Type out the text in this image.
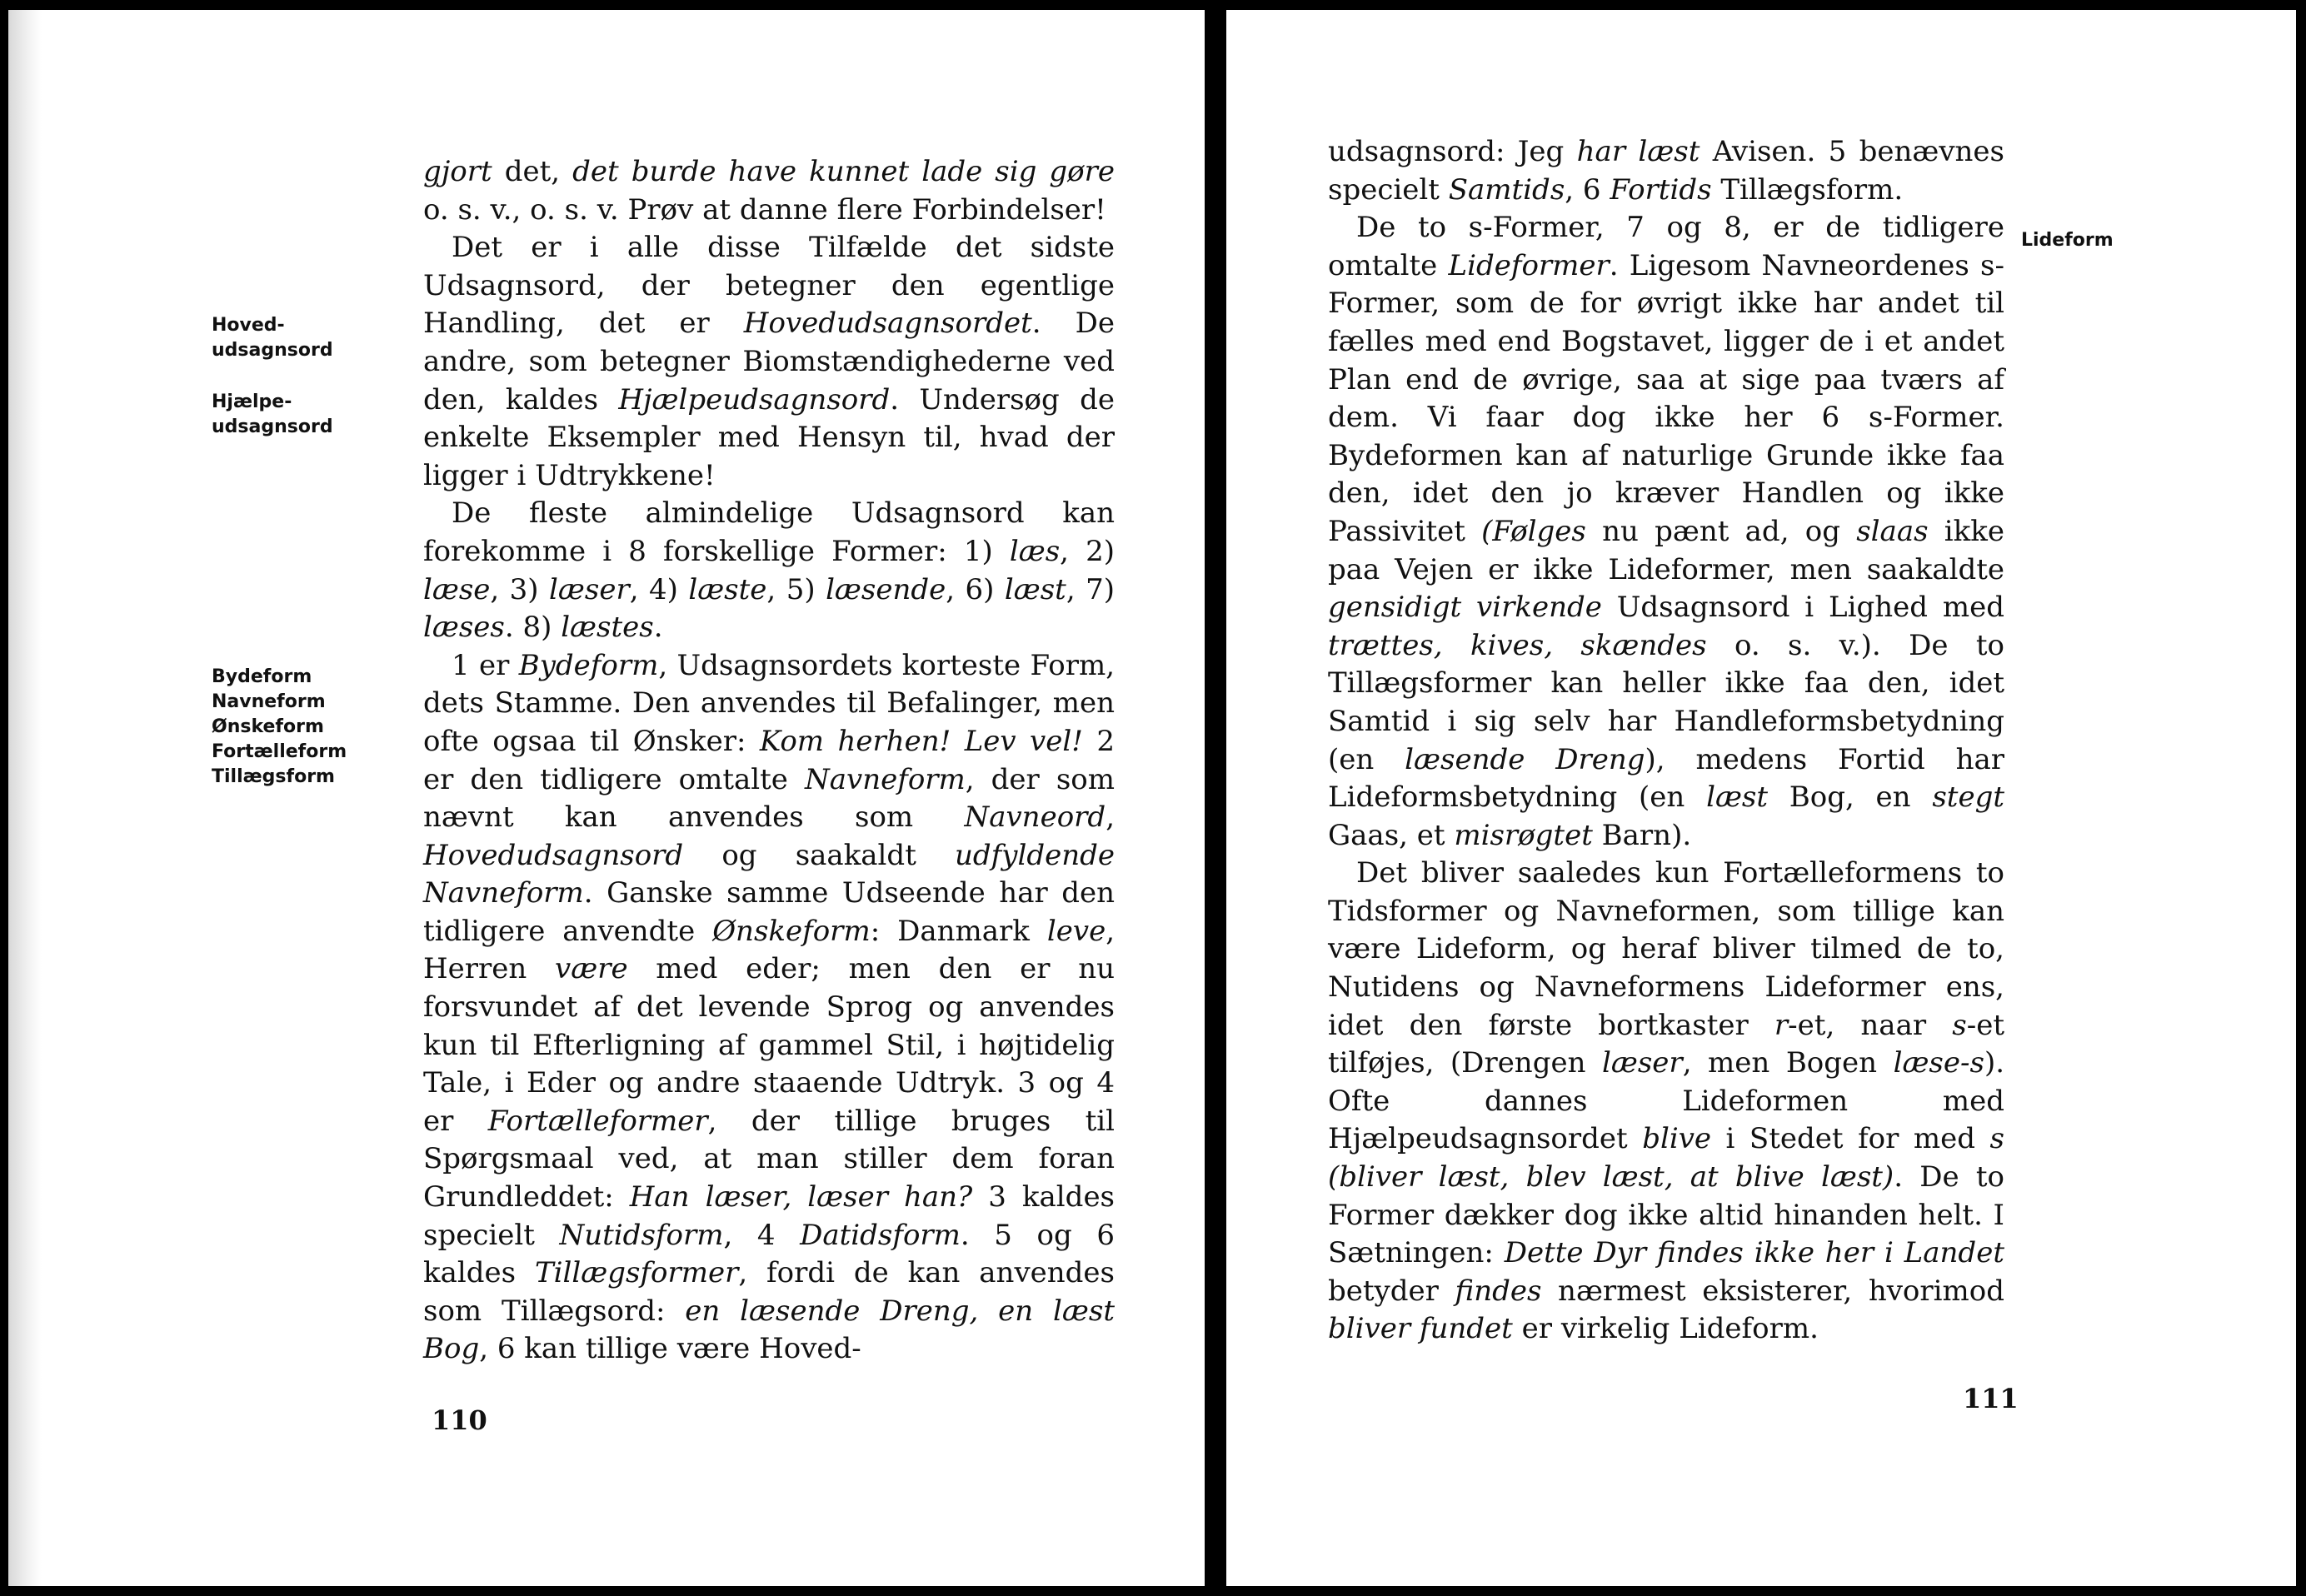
Hoved-
udsagnsord
Hjælpe-
udsagnsord
Bydeform
Navneform
Ønskeform
Fortælleform
Tillægsform

gjort det, det burde have kunnet lade sig gøre o. s. v., o. s. v. Prøv at danne flere Forbindelser!

Det er i alle disse Tilfælde det sidste Udsagnsord, der betegner den egentlige Handling, det er Hovedudsagnsordet. De andre, som betegner Biomstændighederne ved den, kaldes Hjælpeudsagnsord. Undersøg de enkelte Eksempler med Hensyn til, hvad der ligger i Udtrykkene!

De fleste almindelige Udsagnsord kan forekomme i 8 forskellige Former: 1) læs, 2) læse, 3) læser, 4) læste, 5) læsende, 6) læst, 7) læses. 8) læstes.

1 er Bydeform, Udsagnsordets korteste Form, dets Stamme. Den anvendes til Befalinger, men ofte ogsaa til Ønsker: Kom herhen! Lev vel! 2 er den tidligere omtalte Navneform, der som nævnt kan anvendes som Navneord, Hovedudsagnsord og saakaldt udfyldende Navneform. Ganske samme Udseende har den tidligere anvendte Ønskeform: Danmark leve, Herren være med eder; men den er nu forsvundet af det levende Sprog og anvendes kun til Efterligning af gammel Stil, i højtidelig Tale, i Eder og andre staaende Udtryk. 3 og 4 er Fortælleformer, der tillige bruges til Spørgsmaal ved, at man stiller dem foran Grundleddet: Han læser, læser han? 3 kaldes specielt Nutidsform, 4 Datidsform. 5 og 6 kaldes Tillægsformer, fordi de kan anvendes som Tillægsord: en læsende Dreng, en læst Bog, 6 kan tillige være Hoved-

110
Lideform

udsagnsord: Jeg har læst Avisen. 5 benævnes specielt Samtids, 6 Fortids Tillægsform.

De to s-Former, 7 og 8, er de tidligere omtalte Lideformer. Ligesom Navneordenes s-Former, som de for øvrigt ikke har andet til fælles med end Bogstavet, ligger de i et andet Plan end de øvrige, saa at sige paa tværs af dem. Vi faar dog ikke her 6 s-Former. Bydeformen kan af naturlige Grunde ikke faa den, idet den jo kræver Handlen og ikke Passivitet (Følges nu pænt ad, og slaas ikke paa Vejen er ikke Lideformer, men saakaldte gensidigt virkende Udsagnsord i Lighed med trættes, kives, skændes o. s. v.). De to Tillægsformer kan heller ikke faa den, idet Samtid i sig selv har Handleformsbetydning (en læsende Dreng), medens Fortid har Lideformsbetydning (en læst Bog, en stegt Gaas, et misrøgtet Barn).

Det bliver saaledes kun Fortælleformens to Tidsformer og Navneformen, som tillige kan være Lideform, og heraf bliver tilmed de to, Nutidens og Navneformens Lideformer ens, idet den første bortkaster r-et, naar s-et tilføjes, (Drengen læser, men Bogen læse-s). Ofte dannes Lideformen med Hjælpeudsagnsordet blive i Stedet for med s (bliver læst, blev læst, at blive læst). De to Former dækker dog ikke altid hinanden helt. I Sætningen: Dette Dyr findes ikke her i Landet betyder findes nærmest eksisterer, hvorimod bliver fundet er virkelig Lideform.

111
